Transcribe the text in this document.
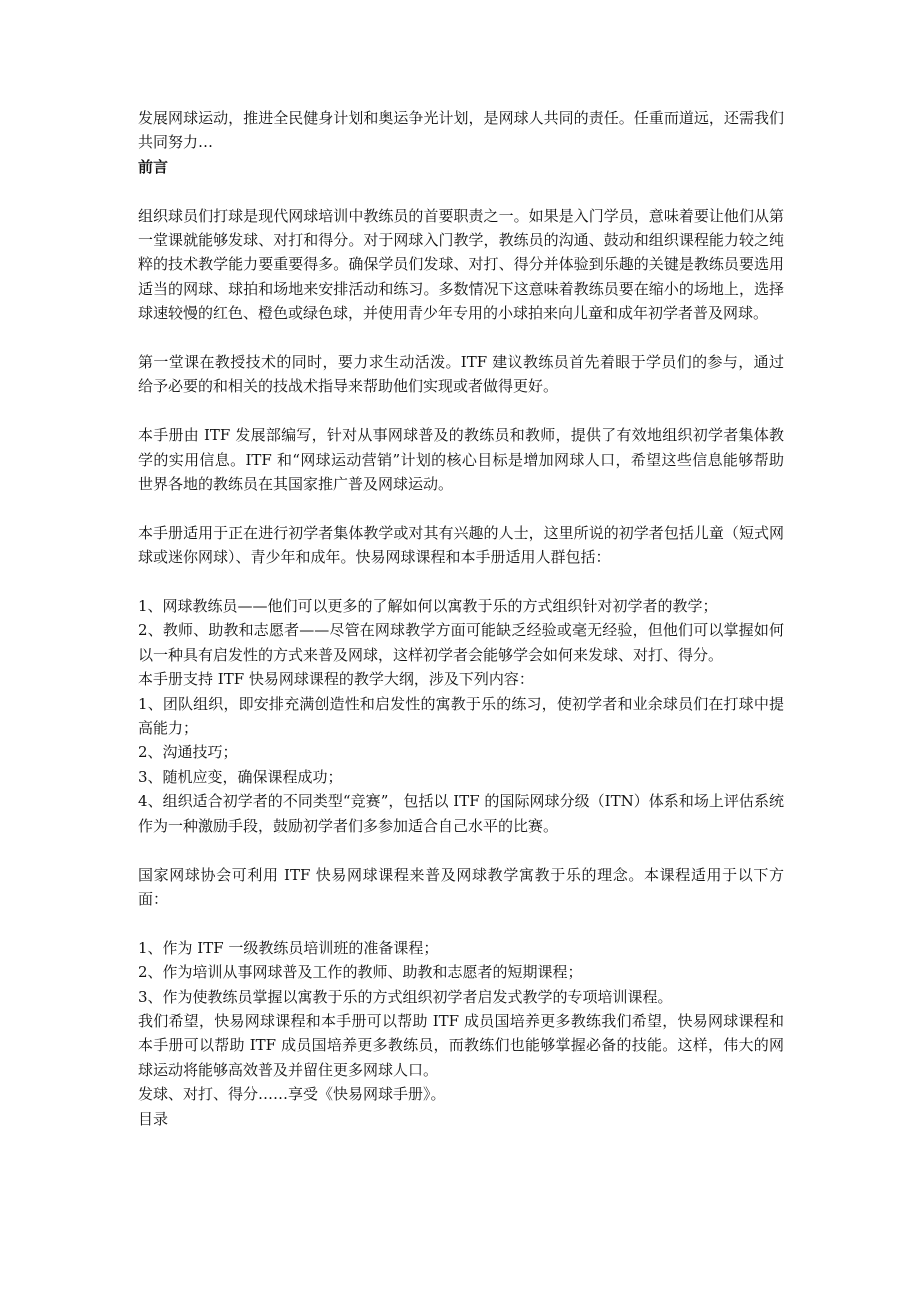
发展网球运动，推进全民健身计划和奥运争光计划，是网球人共同的责任。任重而道远，还需我们共同努力…

前言

组织球员们打球是现代网球培训中教练员的首要职责之一。如果是入门学员，意味着要让他们从第一堂课就能够发球、对打和得分。对于网球入门教学，教练员的沟通、鼓动和组织课程能力较之纯粹的技术教学能力要重要得多。确保学员们发球、对打、得分并体验到乐趣的关键是教练员要选用适当的网球、球拍和场地来安排活动和练习。多数情况下这意味着教练员要在缩小的场地上，选择球速较慢的红色、橙色或绿色球，并使用青少年专用的小球拍来向儿童和成年初学者普及网球。

第一堂课在教授技术的同时，要力求生动活泼。ITF 建议教练员首先着眼于学员们的参与，通过给予必要的和相关的技战术指导来帮助他们实现或者做得更好。

本手册由 ITF 发展部编写，针对从事网球普及的教练员和教师，提供了有效地组织初学者集体教学的实用信息。ITF 和“网球运动营销”计划的核心目标是增加网球人口，希望这些信息能够帮助世界各地的教练员在其国家推广普及网球运动。

本手册适用于正在进行初学者集体教学或对其有兴趣的人士，这里所说的初学者包括儿童（短式网球或迷你网球）、青少年和成年。快易网球课程和本手册适用人群包括：

1、网球教练员——他们可以更多的了解如何以寓教于乐的方式组织针对初学者的教学；

2、教师、助教和志愿者——尽管在网球教学方面可能缺乏经验或毫无经验，但他们可以掌握如何以一种具有启发性的方式来普及网球，这样初学者会能够学会如何来发球、对打、得分。

本手册支持 ITF 快易网球课程的教学大纲，涉及下列内容：

1、团队组织，即安排充满创造性和启发性的寓教于乐的练习，使初学者和业余球员们在打球中提高能力；

2、沟通技巧；

3、随机应变，确保课程成功；

4、组织适合初学者的不同类型“竞赛”，包括以 ITF 的国际网球分级（ITN）体系和场上评估系统作为一种激励手段，鼓励初学者们多参加适合自己水平的比赛。

国家网球协会可利用 ITF 快易网球课程来普及网球教学寓教于乐的理念。本课程适用于以下方面：

1、作为 ITF 一级教练员培训班的准备课程；

2、作为培训从事网球普及工作的教师、助教和志愿者的短期课程；

3、作为使教练员掌握以寓教于乐的方式组织初学者启发式教学的专项培训课程。

我们希望，快易网球课程和本手册可以帮助 ITF 成员国培养更多教练我们希望，快易网球课程和本手册可以帮助 ITF 成员国培养更多教练员，而教练们也能够掌握必备的技能。这样，伟大的网球运动将能够高效普及并留住更多网球人口。

发球、对打、得分……享受《快易网球手册》。

目录
